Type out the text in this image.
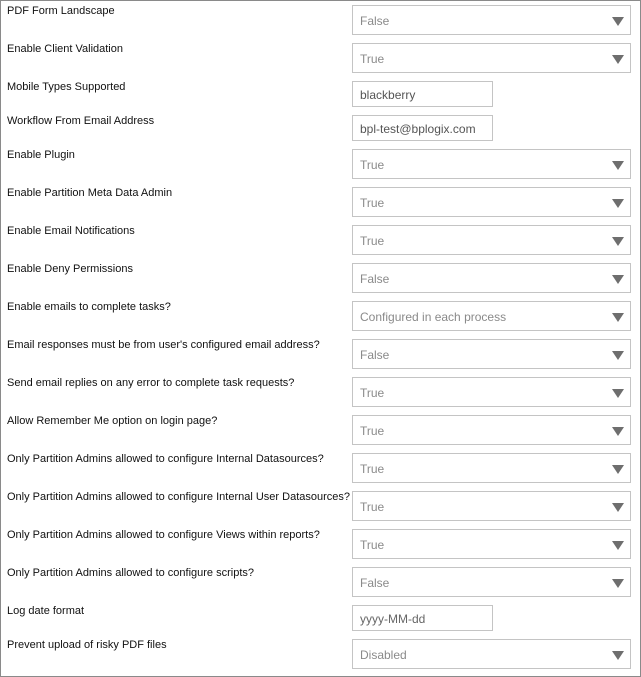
PDF Form Landscape
False
Enable Client Validation
True
Mobile Types Supported
blackberry
Workflow From Email Address
bpl-test@bplogix.com
Enable Plugin
True
Enable Partition Meta Data Admin
True
Enable Email Notifications
True
Enable Deny Permissions
False
Enable emails to complete tasks?
Configured in each process
Email responses must be from user's configured email address?
False
Send email replies on any error to complete task requests?
True
Allow Remember Me option on login page?
True
Only Partition Admins allowed to configure Internal Datasources?
True
Only Partition Admins allowed to configure Internal User Datasources?
True
Only Partition Admins allowed to configure Views within reports?
True
Only Partition Admins allowed to configure scripts?
False
Log date format
yyyy-MM-dd
Prevent upload of risky PDF files
Disabled
